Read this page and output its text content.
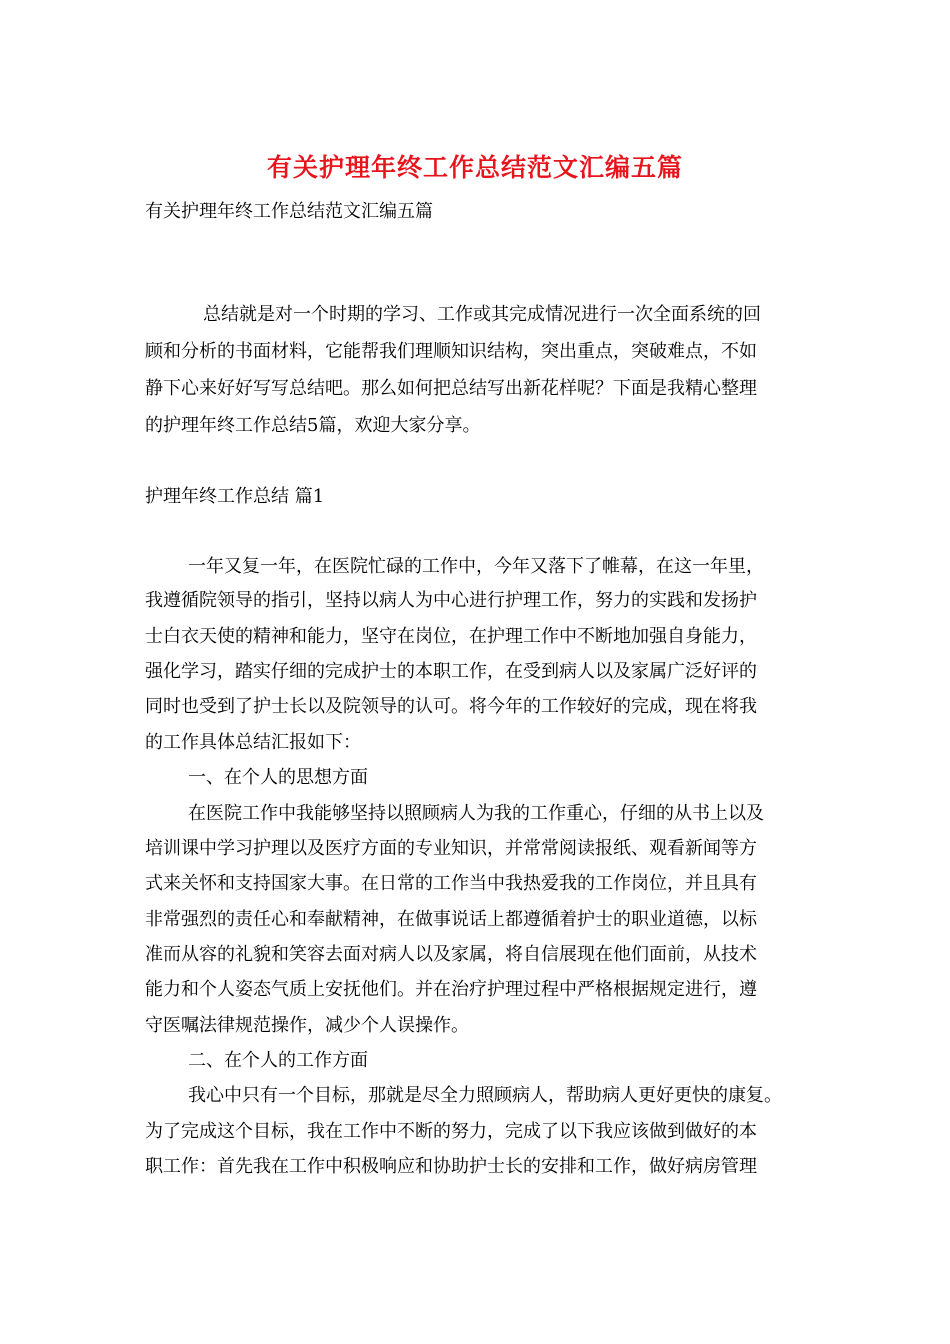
有关护理年终工作总结范文汇编五篇
有关护理年终工作总结范文汇编五篇
总结就是对一个时期的学习、工作或其完成情况进行一次全面系统的回
顾和分析的书面材料，它能帮我们理顺知识结构，突出重点，突破难点，不如
静下心来好好写写总结吧。那么如何把总结写出新花样呢？下面是我精心整理
的护理年终工作总结5篇，欢迎大家分享。
护理年终工作总结 篇1
一年又复一年，在医院忙碌的工作中，今年又落下了帷幕，在这一年里，
我遵循院领导的指引，坚持以病人为中心进行护理工作，努力的实践和发扬护
士白衣天使的精神和能力，坚守在岗位，在护理工作中不断地加强自身能力，
强化学习，踏实仔细的完成护士的本职工作，在受到病人以及家属广泛好评的
同时也受到了护士长以及院领导的认可。将今年的工作较好的完成，现在将我
的工作具体总结汇报如下：
一、在个人的思想方面
在医院工作中我能够坚持以照顾病人为我的工作重心，仔细的从书上以及
培训课中学习护理以及医疗方面的专业知识，并常常阅读报纸、观看新闻等方
式来关怀和支持国家大事。在日常的工作当中我热爱我的工作岗位，并且具有
非常强烈的责任心和奉献精神，在做事说话上都遵循着护士的职业道德，以标
准而从容的礼貌和笑容去面对病人以及家属，将自信展现在他们面前，从技术
能力和个人姿态气质上安抚他们。并在治疗护理过程中严格根据规定进行，遵
守医嘱法律规范操作，减少个人误操作。
二、在个人的工作方面
我心中只有一个目标，那就是尽全力照顾病人，帮助病人更好更快的康复。
为了完成这个目标，我在工作中不断的努力，完成了以下我应该做到做好的本
职工作：首先我在工作中积极响应和协助护士长的安排和工作，做好病房管理
